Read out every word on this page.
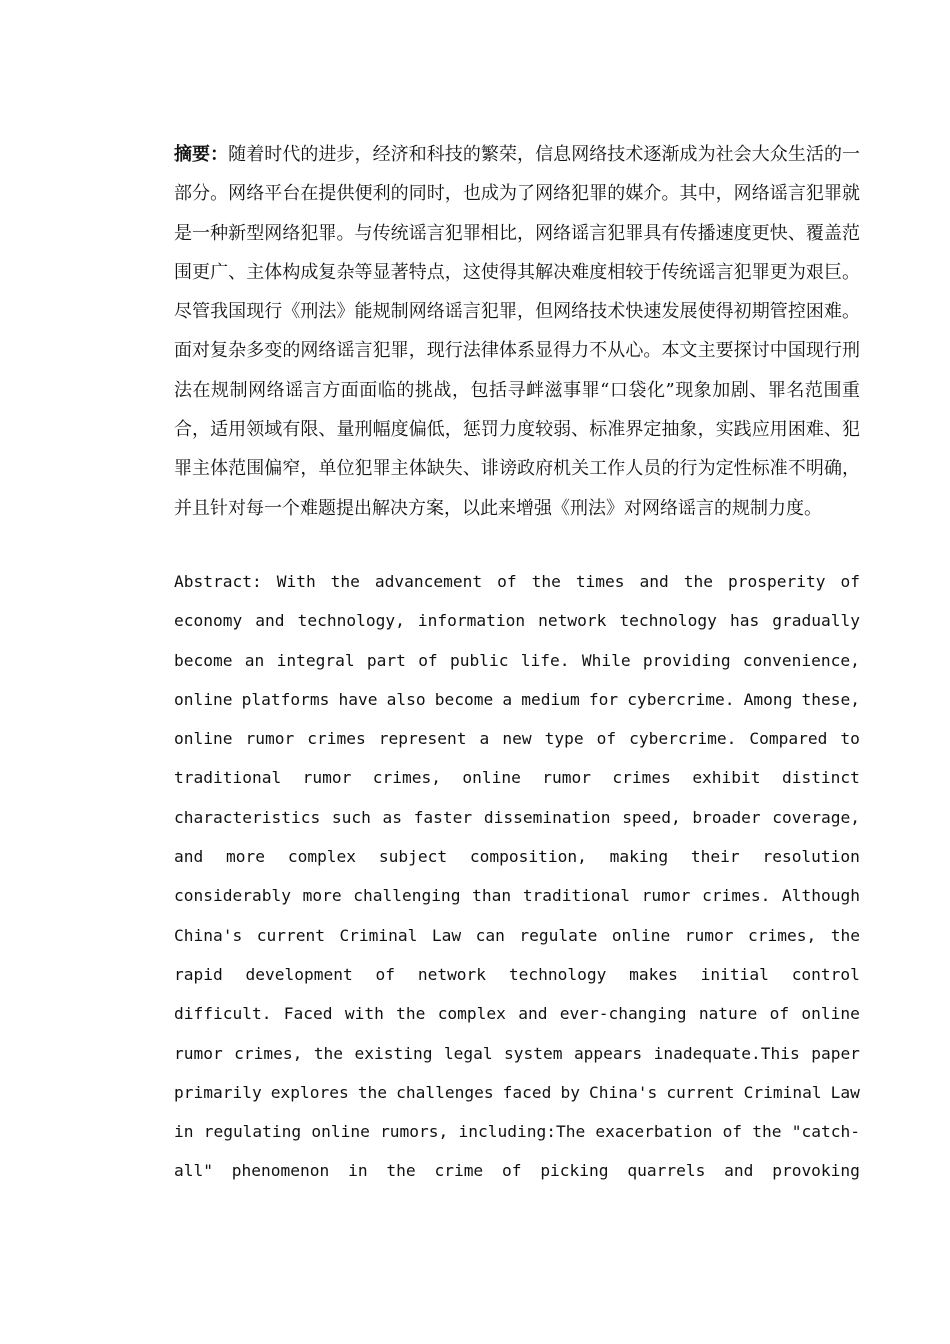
摘要：随着时代的进步，经济和科技的繁荣，信息网络技术逐渐成为社会大众生活的一部分。网络平台在提供便利的同时，也成为了网络犯罪的媒介。其中，网络谣言犯罪就是一种新型网络犯罪。与传统谣言犯罪相比，网络谣言犯罪具有传播速度更快、覆盖范围更广、主体构成复杂等显著特点，这使得其解决难度相较于传统谣言犯罪更为艰巨。尽管我国现行《刑法》能规制网络谣言犯罪，但网络技术快速发展使得初期管控困难。面对复杂多变的网络谣言犯罪，现行法律体系显得力不从心。本文主要探讨中国现行刑法在规制网络谣言方面面临的挑战，包括寻衅滋事罪“口袋化”现象加剧、罪名范围重合，适用领域有限、量刑幅度偏低，惩罚力度较弱、标准界定抽象，实践应用困难、犯罪主体范围偏窄，单位犯罪主体缺失、诽谤政府机关工作人员的行为定性标准不明确，并且针对每一个难题提出解决方案，以此来增强《刑法》对网络谣言的规制力度。

Abstract: With the advancement of the times and the prosperity of
economy and technology, information network technology has gradually
become an integral part of public life. While providing convenience,
online platforms have also become a medium for cybercrime. Among these,
online rumor crimes represent a new type of cybercrime. Compared to
traditional rumor crimes, online rumor crimes exhibit distinct
characteristics such as faster dissemination speed, broader coverage,
and more complex subject composition, making their resolution
considerably more challenging than traditional rumor crimes. Although
China's current Criminal Law can regulate online rumor crimes, the
rapid development of network technology makes initial control
difficult. Faced with the complex and ever-changing nature of online
rumor crimes, the existing legal system appears inadequate.This paper
primarily explores the challenges faced by China's current Criminal Law
in regulating online rumors, including:The exacerbation of the "catch-
all" phenomenon in the crime of picking quarrels and provoking
